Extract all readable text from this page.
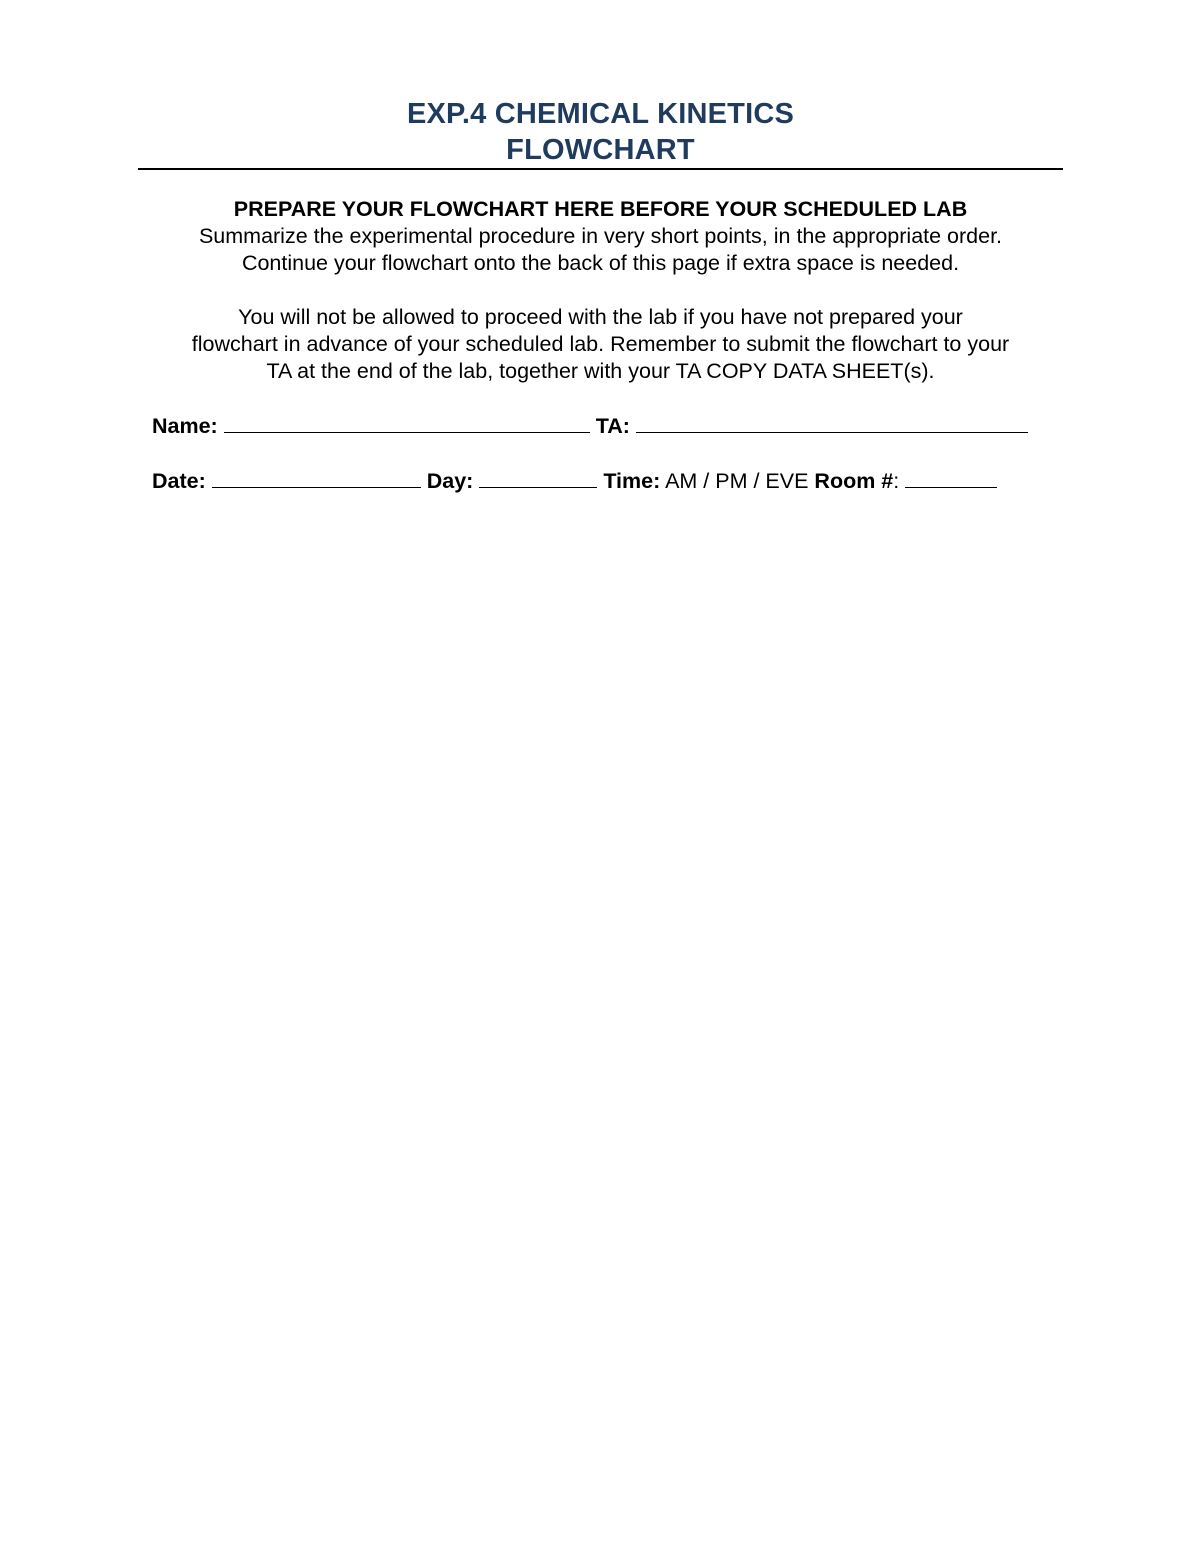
EXP.4 CHEMICAL KINETICS
FLOWCHART
PREPARE YOUR FLOWCHART HERE BEFORE YOUR SCHEDULED LAB
Summarize the experimental procedure in very short points, in the appropriate order.
Continue your flowchart onto the back of this page if extra space is needed.
You will not be allowed to proceed with the lab if you have not prepared your
flowchart in advance of your scheduled lab. Remember to submit the flowchart to your
TA at the end of the lab, together with your TA COPY DATA SHEET(s).
Name:	TA:
Date:	Day:	Time: AM / PM / EVE Room #:
